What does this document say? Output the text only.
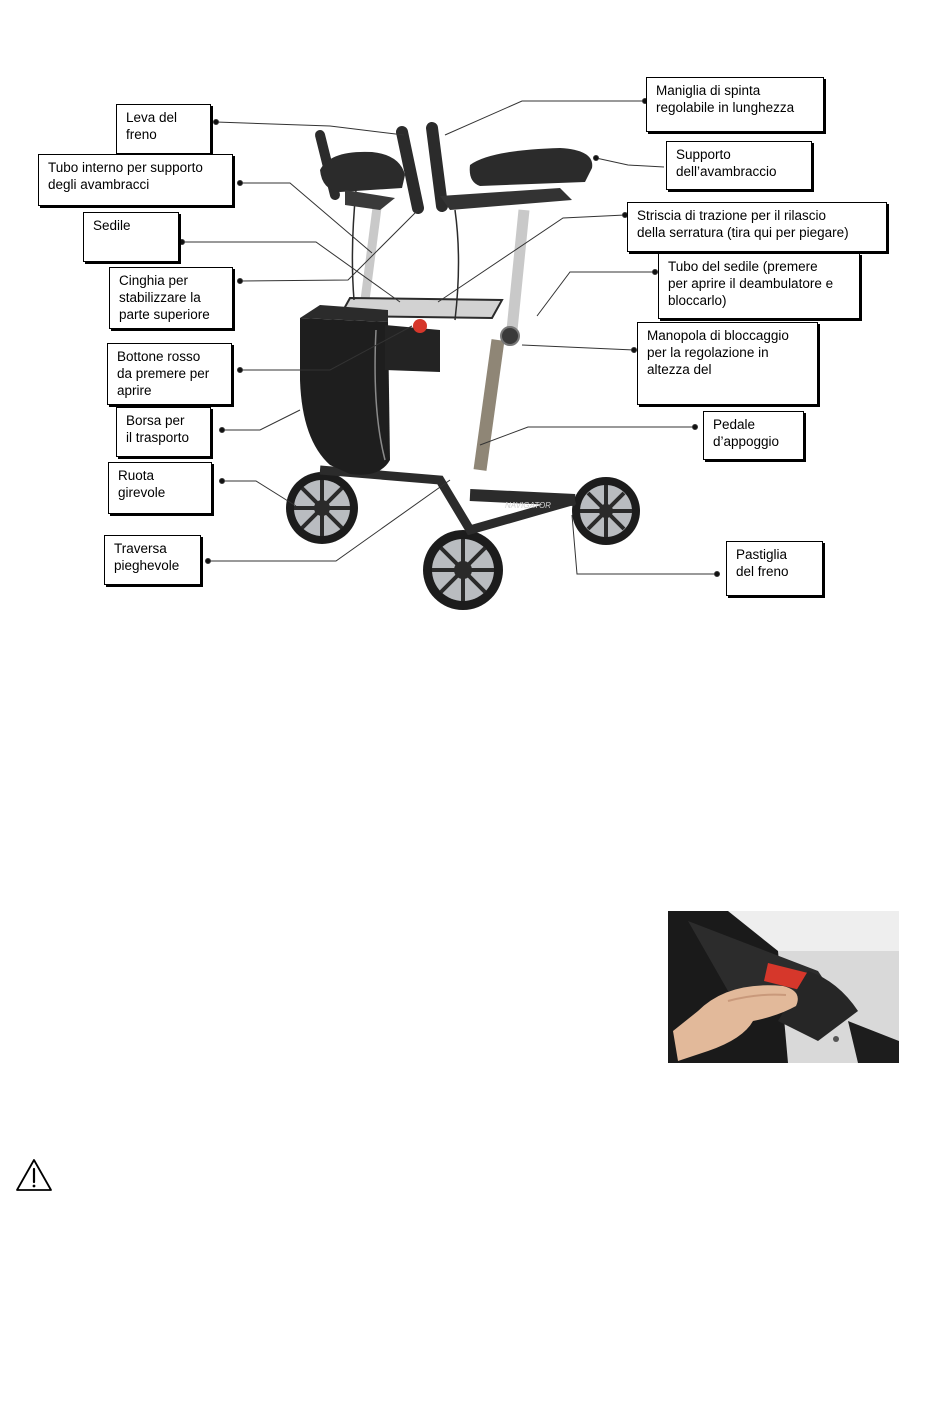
NAVIGATOR
Leva del
freno
Maniglia di spinta
regolabile in lunghezza
Tubo interno per supporto
degli avambracci
Supporto
dell’avambraccio
Sedile
Striscia di trazione per il rilascio
della serratura (tira qui per piegare)
Cinghia per
stabilizzare la
parte superiore
Tubo del sedile (premere
per aprire il deambulatore e
bloccarlo)
Bottone rosso
da premere per
aprire
Manopola di bloccaggio
per la regolazione in
altezza del
Borsa per
il trasporto
Pedale
d’appoggio
Ruota
girevole
Traversa
pieghevole
Pastiglia
del freno
